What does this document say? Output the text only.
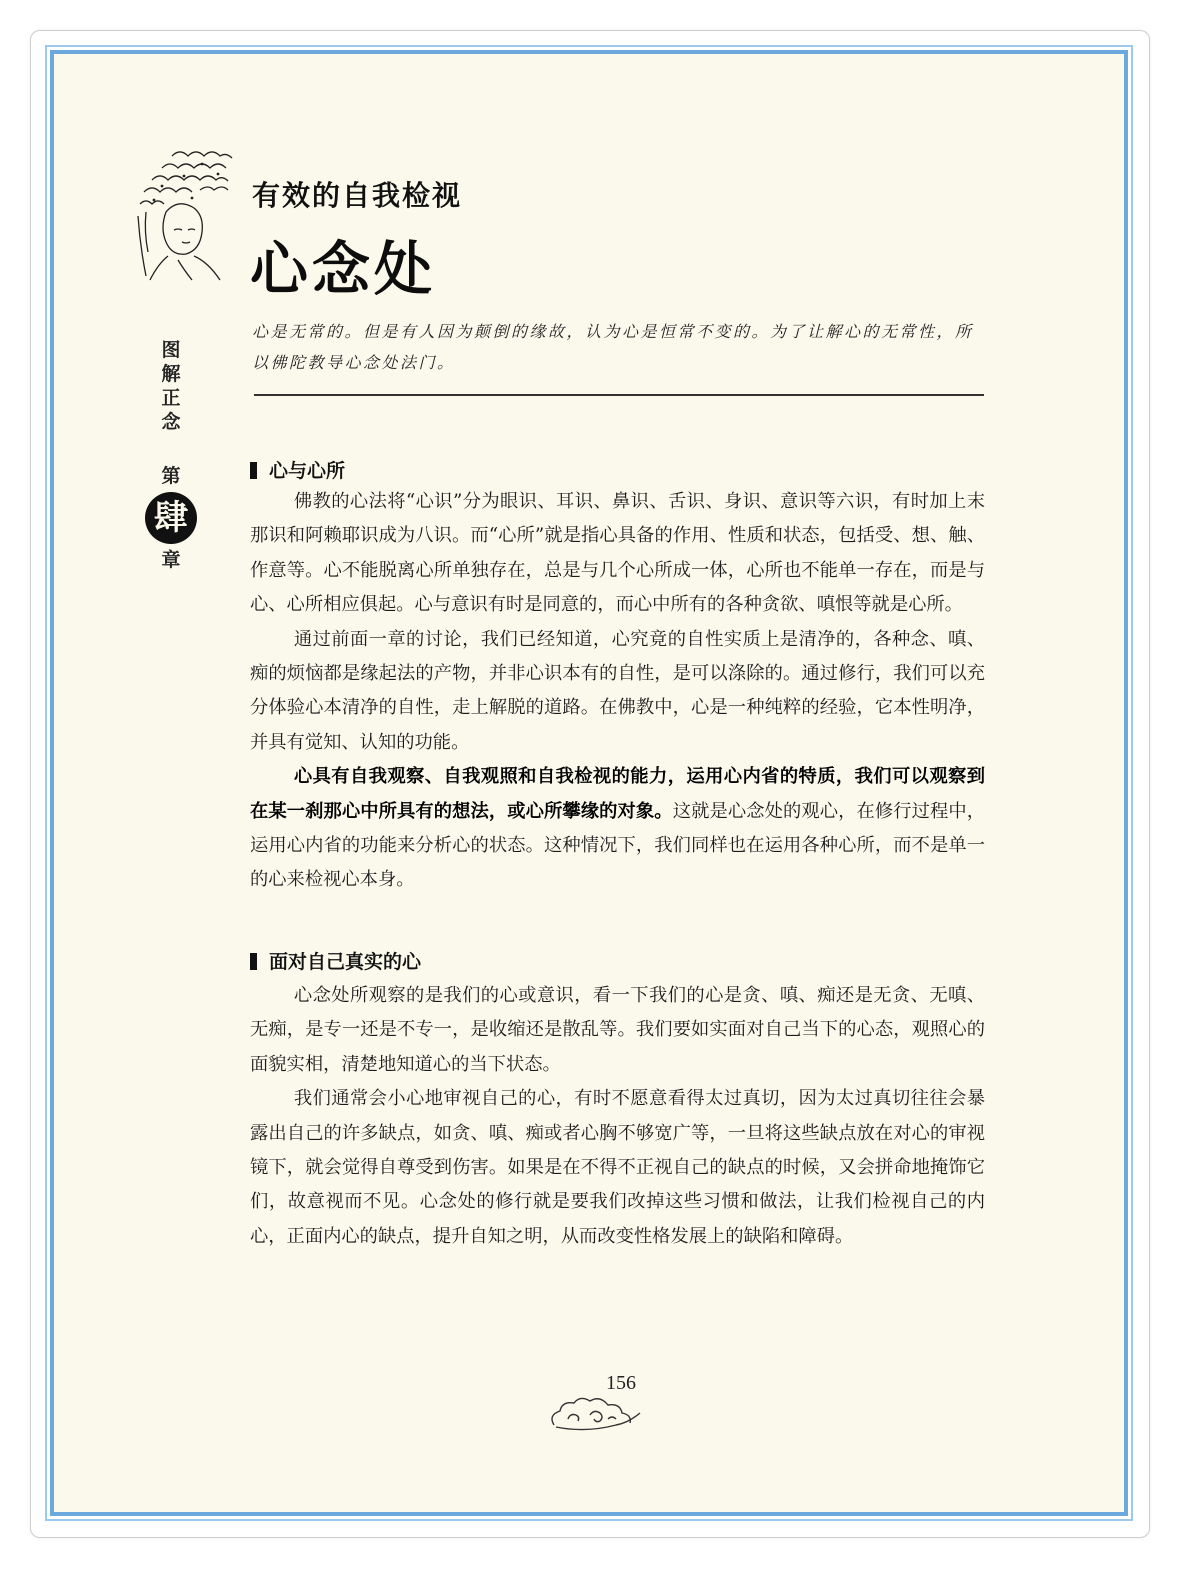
有效的自我检视
心念处
心是无常的。但是有人因为颠倒的缘故，认为心是恒常不变的。为了让解心的无常性，所以佛陀教导心念处法门。
图解正念
第
肆
章
心与心所

佛教的心法将“心识”分为眼识、耳识、鼻识、舌识、身识、意识等六识，有时加上末那识和阿赖耶识成为八识。而“心所”就是指心具备的作用、性质和状态，包括受、想、触、作意等。心不能脱离心所单独存在，总是与几个心所成一体，心所也不能单一存在，而是与心、心所相应俱起。心与意识有时是同意的，而心中所有的各种贪欲、嗔恨等就是心所。

通过前面一章的讨论，我们已经知道，心究竟的自性实质上是清净的，各种念、嗔、痴的烦恼都是缘起法的产物，并非心识本有的自性，是可以涤除的。通过修行，我们可以充分体验心本清净的自性，走上解脱的道路。在佛教中，心是一种纯粹的经验，它本性明净，并具有觉知、认知的功能。

心具有自我观察、自我观照和自我检视的能力，运用心内省的特质，我们可以观察到在某一刹那心中所具有的想法，或心所攀缘的对象。这就是心念处的观心，在修行过程中，运用心内省的功能来分析心的状态。这种情况下，我们同样也在运用各种心所，而不是单一的心来检视心本身。

面对自己真实的心

心念处所观察的是我们的心或意识，看一下我们的心是贪、嗔、痴还是无贪、无嗔、无痴，是专一还是不专一，是收缩还是散乱等。我们要如实面对自己当下的心态，观照心的面貌实相，清楚地知道心的当下状态。

我们通常会小心地审视自己的心，有时不愿意看得太过真切，因为太过真切往往会暴露出自己的许多缺点，如贪、嗔、痴或者心胸不够宽广等，一旦将这些缺点放在对心的审视镜下，就会觉得自尊受到伤害。如果是在不得不正视自己的缺点的时候，又会拼命地掩饰它们，故意视而不见。心念处的修行就是要我们改掉这些习惯和做法，让我们检视自己的内心，正面内心的缺点，提升自知之明，从而改变性格发展上的缺陷和障碍。

156
